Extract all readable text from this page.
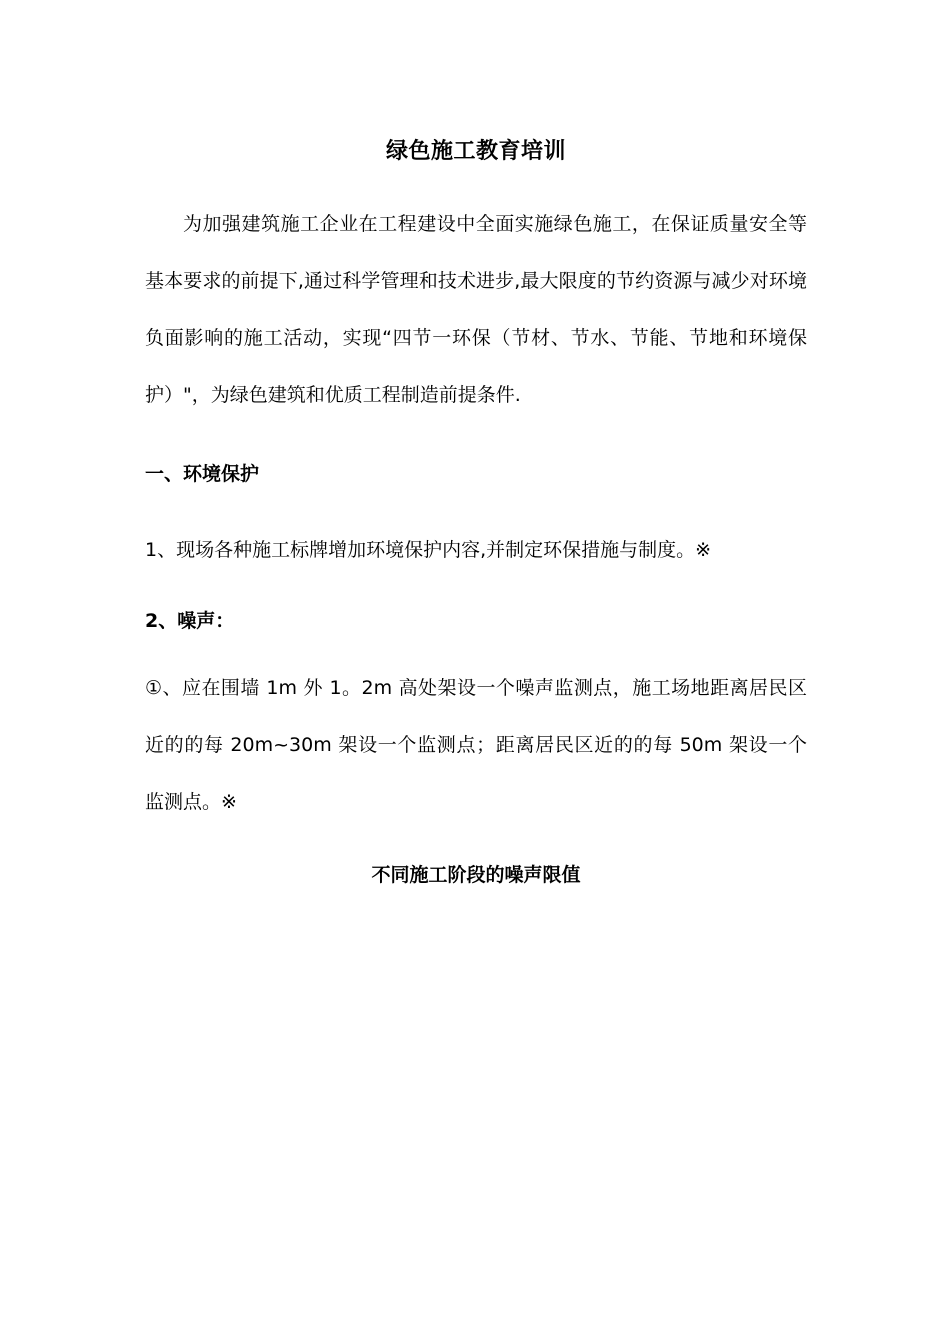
绿色施工教育培训

为加强建筑施工企业在工程建设中全面实施绿色施工，在保证质量安全等基本要求的前提下,通过科学管理和技术进步,最大限度的节约资源与减少对环境负面影响的施工活动，实现“四节一环保（节材、节水、节能、节地和环境保护）"，为绿色建筑和优质工程制造前提条件.

一、环境保护

1、现场各种施工标牌增加环境保护内容,并制定环保措施与制度。※

2、噪声：

①、应在围墙 1m 外 1。2m 高处架设一个噪声监测点，施工场地距离居民区近的的每 20m~30m 架设一个监测点；距离居民区近的的每 50m 架设一个监测点。※

不同施工阶段的噪声限值
